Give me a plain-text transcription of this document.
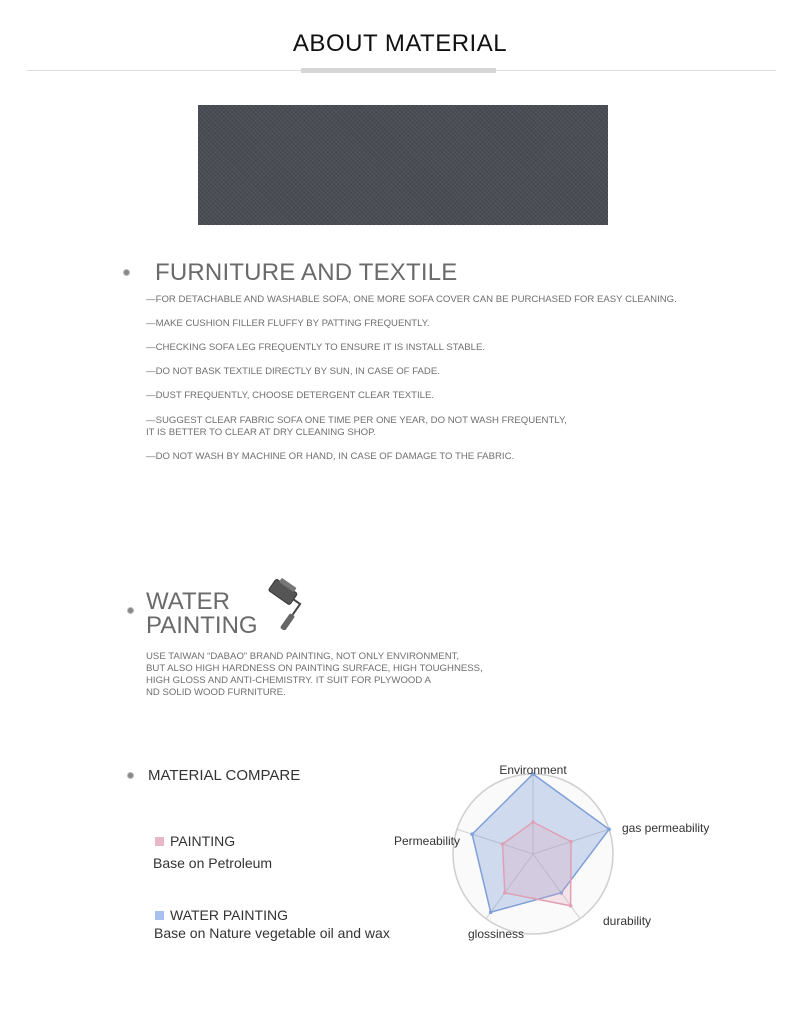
ABOUT MATERIAL
FURNITURE AND TEXTILE

—FOR DETACHABLE AND WASHABLE SOFA, ONE MORE SOFA COVER CAN BE PURCHASED FOR EASY CLEANING.

—MAKE CUSHION FILLER FLUFFY BY PATTING FREQUENTLY.

—CHECKING SOFA LEG FREQUENTLY TO ENSURE IT IS INSTALL STABLE.

—DO NOT BASK TEXTILE DIRECTLY BY SUN, IN CASE OF FADE.

—DUST FREQUENTLY, CHOOSE DETERGENT CLEAR TEXTILE.

—SUGGEST CLEAR FABRIC SOFA ONE TIME PER ONE YEAR, DO NOT WASH FREQUENTLY,

IT IS BETTER TO CLEAR AT DRY CLEANING SHOP.

—DO NOT WASH BY MACHINE OR HAND, IN CASE OF DAMAGE TO THE FABRIC.

WATER
PAINTING

USE TAIWAN “DABAO” BRAND PAINTING, NOT ONLY ENVIRONMENT,

BUT ALSO HIGH HARDNESS ON PAINTING SURFACE, HIGH TOUGHNESS,

HIGH GLOSS AND ANTI-CHEMISTRY. IT SUIT FOR PLYWOOD A

ND SOLID WOOD FURNITURE.

MATERIAL COMPARE

PAINTING

Base on Petroleum

WATER PAINTING

Base on Nature vegetable oil and wax

Environment
gas permeability
durability
glossiness
Permeability
